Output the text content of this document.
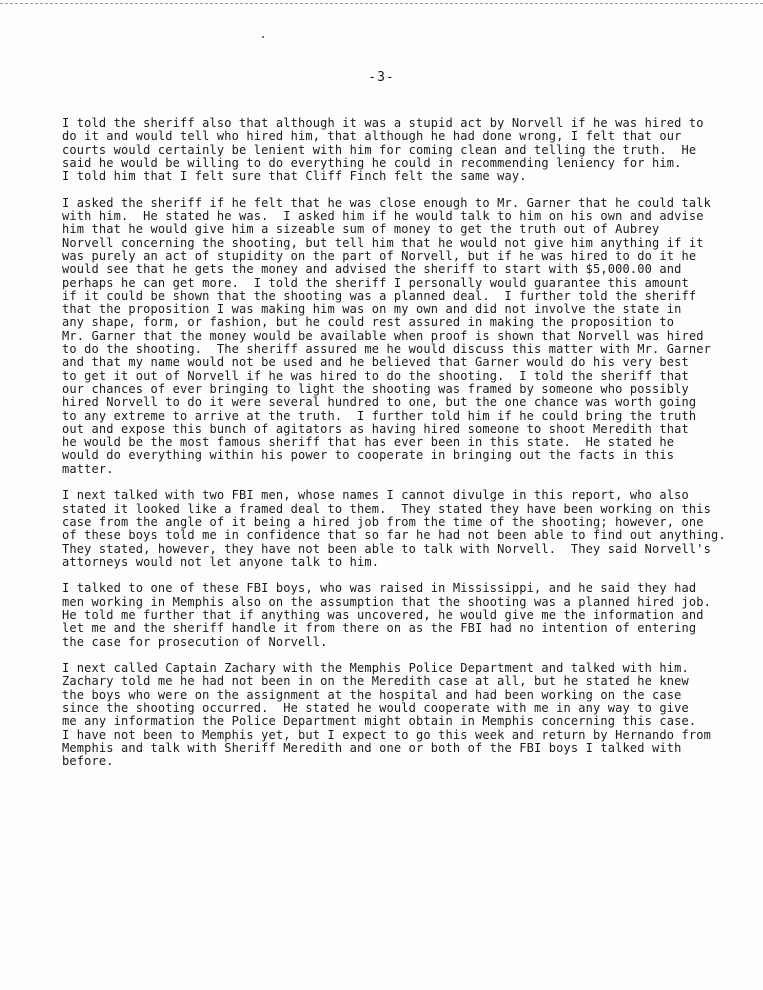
-3-

I told the sheriff also that although it was a stupid act by Norvell if he was hired to
do it and would tell who hired him, that although he had done wrong, I felt that our
courts would certainly be lenient with him for coming clean and telling the truth.  He
said he would be willing to do everything he could in recommending leniency for him.
I told him that I felt sure that Cliff Finch felt the same way.

I asked the sheriff if he felt that he was close enough to Mr. Garner that he could talk
with him.  He stated he was.  I asked him if he would talk to him on his own and advise
him that he would give him a sizeable sum of money to get the truth out of Aubrey
Norvell concerning the shooting, but tell him that he would not give him anything if it
was purely an act of stupidity on the part of Norvell, but if he was hired to do it he
would see that he gets the money and advised the sheriff to start with $5,000.00 and
perhaps he can get more.  I told the sheriff I personally would guarantee this amount
if it could be shown that the shooting was a planned deal.  I further told the sheriff
that the proposition I was making him was on my own and did not involve the state in
any shape, form, or fashion, but he could rest assured in making the proposition to
Mr. Garner that the money would be available when proof is shown that Norvell was hired
to do the shooting.  The sheriff assured me he would discuss this matter with Mr. Garner
and that my name would not be used and he believed that Garner would do his very best
to get it out of Norvell if he was hired to do the shooting.  I told the sheriff that
our chances of ever bringing to light the shooting was framed by someone who possibly
hired Norvell to do it were several hundred to one, but the one chance was worth going
to any extreme to arrive at the truth.  I further told him if he could bring the truth
out and expose this bunch of agitators as having hired someone to shoot Meredith that
he would be the most famous sheriff that has ever been in this state.  He stated he
would do everything within his power to cooperate in bringing out the facts in this
matter.

I next talked with two FBI men, whose names I cannot divulge in this report, who also
stated it looked like a framed deal to them.  They stated they have been working on this
case from the angle of it being a hired job from the time of the shooting; however, one
of these boys told me in confidence that so far he had not been able to find out anything.
They stated, however, they have not been able to talk with Norvell.  They said Norvell's
attorneys would not let anyone talk to him.

I talked to one of these FBI boys, who was raised in Mississippi, and he said they had
men working in Memphis also on the assumption that the shooting was a planned hired job.
He told me further that if anything was uncovered, he would give me the information and
let me and the sheriff handle it from there on as the FBI had no intention of entering
the case for prosecution of Norvell.

I next called Captain Zachary with the Memphis Police Department and talked with him.
Zachary told me he had not been in on the Meredith case at all, but he stated he knew
the boys who were on the assignment at the hospital and had been working on the case
since the shooting occurred.  He stated he would cooperate with me in any way to give
me any information the Police Department might obtain in Memphis concerning this case.
I have not been to Memphis yet, but I expect to go this week and return by Hernando from
Memphis and talk with Sheriff Meredith and one or both of the FBI boys I talked with
before.
